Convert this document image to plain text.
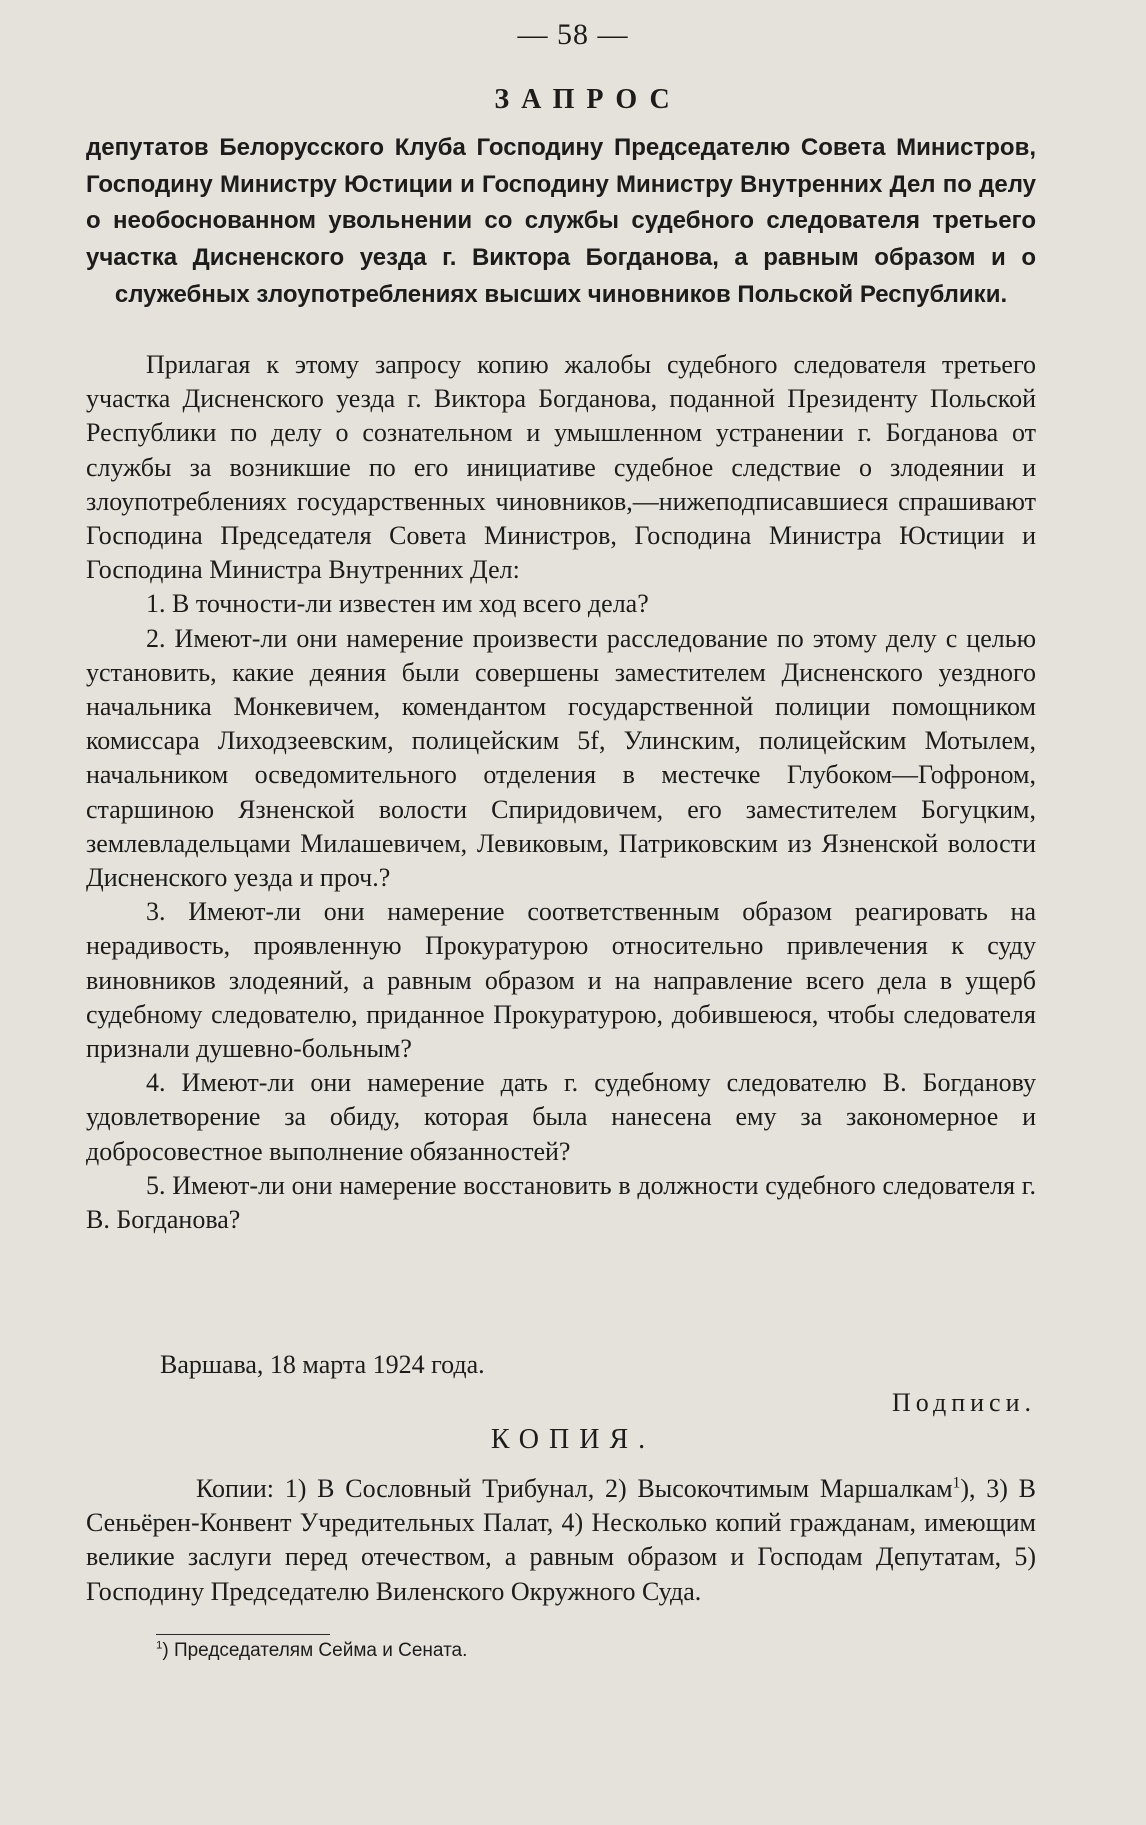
— 58 —
ЗАПРОС
депутатов Белорусского Клуба Господину Председателю Совета Министров, Господину Министру Юстиции и Господину Министру Внутренних Дел по делу о необоснованном увольнении со службы судебного следователя третьего участка Дисненского уезда г. Виктора Богданова, а равным образом и о служебных злоупотреблениях высших чиновников Польской Республики.

Прилагая к этому запросу копию жалобы судебного следователя третьего участка Дисненского уезда г. Виктора Богданова, поданной Президенту Польской Республики по делу о сознательном и умышленном устранении г. Богданова от службы за возникшие по его инициативе судебное следствие о злодеянии и злоупотреблениях государственных чиновников,—нижеподписавшиеся спрашивают Господина Председателя Совета Министров, Господина Министра Юстиции и Господина Министра Внутренних Дел:

1. В точности-ли известен им ход всего дела?

2. Имеют-ли они намерение произвести расследование по этому делу с целью установить, какие деяния были совершены заместителем Дисненского уездного начальника Монкевичем, комендантом государственной полиции помощником комиссара Лиходзеевским, полицейским 5f, Улинским, полицейским Мотылем, начальником осведомительного отделения в местечке Глубоком—Гофроном, старшиною Язненской волости Спиридовичем, его заместителем Богуцким, землевладельцами Милашевичем, Левиковым, Патриковским из Язненской волости Дисненского уезда и проч.?

3. Имеют-ли они намерение соответственным образом реагировать на нерадивость, проявленную Прокуратурою относительно привлечения к суду виновников злодеяний, а равным образом и на направление всего дела в ущерб судебному следователю, приданное Прокуратурою, добившеюся, чтобы следователя признали душевно-больным?

4. Имеют-ли они намерение дать г. судебному следователю В. Богданову удовлетворение за обиду, которая была нанесена ему за закономерное и добросовестное выполнение обязанностей?

5. Имеют-ли они намерение восстановить в должности судебного следователя г. В. Богданова?

Варшава, 18 марта 1924 года.
Подписи.
КОПИЯ.

Копии: 1) В Сословный Трибунал, 2) Высокочтимым Маршалкам$^1$), 3) В Сеньёрен-Конвент Учредительных Палат, 4) Несколько копий гражданам, имеющим великие заслуги перед отечеством, а равным образом и Господам Депутатам, 5) Господину Председателю Виленского Окружного Суда.

$^1$) Председателям Сейма и Сената.
